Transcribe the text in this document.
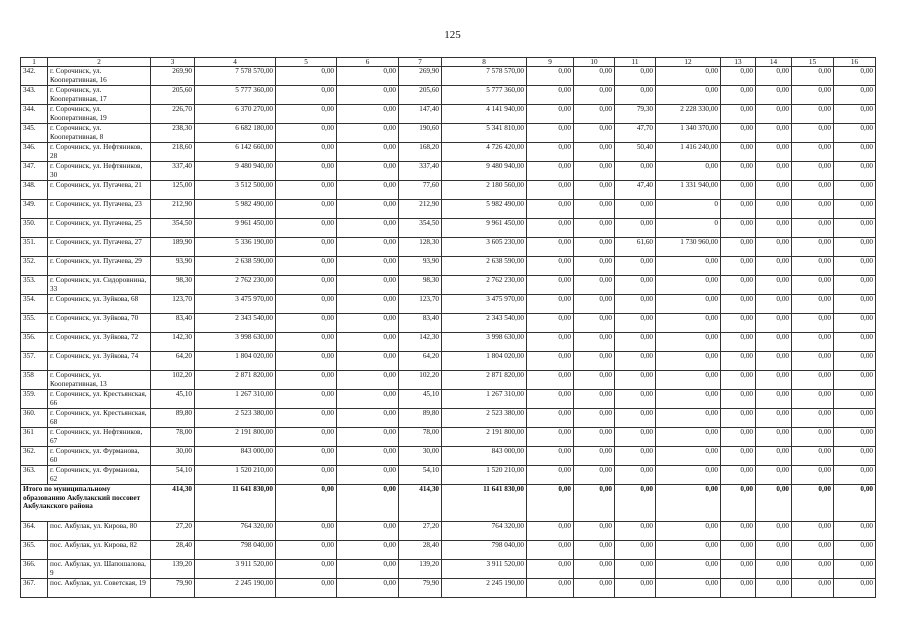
125
1	2	3	4	5	6	7	8	9	10	11	12	13	14	15	16
342.	г. Сорочинск, ул. Кооперативная, 16	269,90	7 578 570,00	0,00	0,00	269,90	7 578 570,00	0,00	0,00	0,00	0,00	0,00	0,00	0,00	0,00
343.	г. Сорочинск, ул. Кооперативная, 17	205,60	5 777 360,00	0,00	0,00	205,60	5 777 360,00	0,00	0,00	0,00	0,00	0,00	0,00	0,00	0,00
344.	г. Сорочинск, ул. Кооперативная, 19	226,70	6 370 270,00	0,00	0,00	147,40	4 141 940,00	0,00	0,00	79,30	2 228 330,00	0,00	0,00	0,00	0,00
345.	г. Сорочинск, ул. Кооперативная, 8	238,30	6 682 180,00	0,00	0,00	190,60	5 341 810,00	0,00	0,00	47,70	1 340 370,00	0,00	0,00	0,00	0,00
346.	г. Сорочинск, ул. Нефтяников, 28	218,60	6 142 660,00	0,00	0,00	168,20	4 726 420,00	0,00	0,00	50,40	1 416 240,00	0,00	0,00	0,00	0,00
347.	г. Сорочинск, ул. Нефтяников, 30	337,40	9 480 940,00	0,00	0,00	337,40	9 480 940,00	0,00	0,00	0,00	0,00	0,00	0,00	0,00	0,00
348.	г. Сорочинск, ул. Пугачева, 21	125,00	3 512 500,00	0,00	0,00	77,60	2 180 560,00	0,00	0,00	47,40	1 331 940,00	0,00	0,00	0,00	0,00
349.	г. Сорочинск, ул. Пугачева, 23	212,90	5 982 490,00	0,00	0,00	212,90	5 982 490,00	0,00	0,00	0,00	0	0,00	0,00	0,00	0,00
350.	г. Сорочинск, ул. Пугачева, 25	354,50	9 961 450,00	0,00	0,00	354,50	9 961 450,00	0,00	0,00	0,00	0	0,00	0,00	0,00	0,00
351.	г. Сорочинск, ул. Пугачева, 27	189,90	5 336 190,00	0,00	0,00	128,30	3 605 230,00	0,00	0,00	61,60	1 730 960,00	0,00	0,00	0,00	0,00
352.	г. Сорочинск, ул. Пугачева, 29	93,90	2 638 590,00	0,00	0,00	93,90	2 638 590,00	0,00	0,00	0,00	0,00	0,00	0,00	0,00	0,00
353.	г. Сорочинск, ул. Сидоровнина, 33	98,30	2 762 230,00	0,00	0,00	98,30	2 762 230,00	0,00	0,00	0,00	0,00	0,00	0,00	0,00	0,00
354.	г. Сорочинск, ул. Зуйкова, 68	123,70	3 475 970,00	0,00	0,00	123,70	3 475 970,00	0,00	0,00	0,00	0,00	0,00	0,00	0,00	0,00
355.	г. Сорочинск, ул. Зуйкова, 70	83,40	2 343 540,00	0,00	0,00	83,40	2 343 540,00	0,00	0,00	0,00	0,00	0,00	0,00	0,00	0,00
356.	г. Сорочинск, ул. Зуйкова, 72	142,30	3 998 630,00	0,00	0,00	142,30	3 998 630,00	0,00	0,00	0,00	0,00	0,00	0,00	0,00	0,00
357.	г. Сорочинск, ул. Зуйкова, 74	64,20	1 804 020,00	0,00	0,00	64,20	1 804 020,00	0,00	0,00	0,00	0,00	0,00	0,00	0,00	0,00
358	г. Сорочинск, ул. Кооперативная, 13	102,20	2 871 820,00	0,00	0,00	102,20	2 871 820,00	0,00	0,00	0,00	0,00	0,00	0,00	0,00	0,00
359.	г. Сорочинск, ул. Крестьянская, 66	45,10	1 267 310,00	0,00	0,00	45,10	1 267 310,00	0,00	0,00	0,00	0,00	0,00	0,00	0,00	0,00
360.	г. Сорочинск, ул. Крестьянская, 68	89,80	2 523 380,00	0,00	0,00	89,80	2 523 380,00	0,00	0,00	0,00	0,00	0,00	0,00	0,00	0,00
361	г. Сорочинск, ул. Нефтяников, 67	78,00	2 191 800,00	0,00	0,00	78,00	2 191 800,00	0,00	0,00	0,00	0,00	0,00	0,00	0,00	0,00
362.	г. Сорочинск, ул. Фурманова, 60	30,00	843 000,00	0,00	0,00	30,00	843 000,00	0,00	0,00	0,00	0,00	0,00	0,00	0,00	0,00
363.	г. Сорочинск, ул. Фурманова, 62	54,10	1 520 210,00	0,00	0,00	54,10	1 520 210,00	0,00	0,00	0,00	0,00	0,00	0,00	0,00	0,00
Итого по муниципальному образованию Акбулакский поссовет Акбулакского района		414,30	11 641 830,00	0,00	0,00	414,30	11 641 830,00	0,00	0,00	0,00	0,00	0,00	0,00	0,00	0,00
364.	пос. Акбулак, ул. Кирова, 80	27,20	764 320,00	0,00	0,00	27,20	764 320,00	0,00	0,00	0,00	0,00	0,00	0,00	0,00	0,00
365.	пос. Акбулак, ул. Кирова, 82	28,40	798 040,00	0,00	0,00	28,40	798 040,00	0,00	0,00	0,00	0,00	0,00	0,00	0,00	0,00
366.	пос. Акбулак, ул. Шапошалова, 9	139,20	3 911 520,00	0,00	0,00	139,20	3 911 520,00	0,00	0,00	0,00	0,00	0,00	0,00	0,00	0,00
367.	пос. Акбулак, ул. Советская, 19	79,90	2 245 190,00	0,00	0,00	79,90	2 245 190,00	0,00	0,00	0,00	0,00	0,00	0,00	0,00	0,00
